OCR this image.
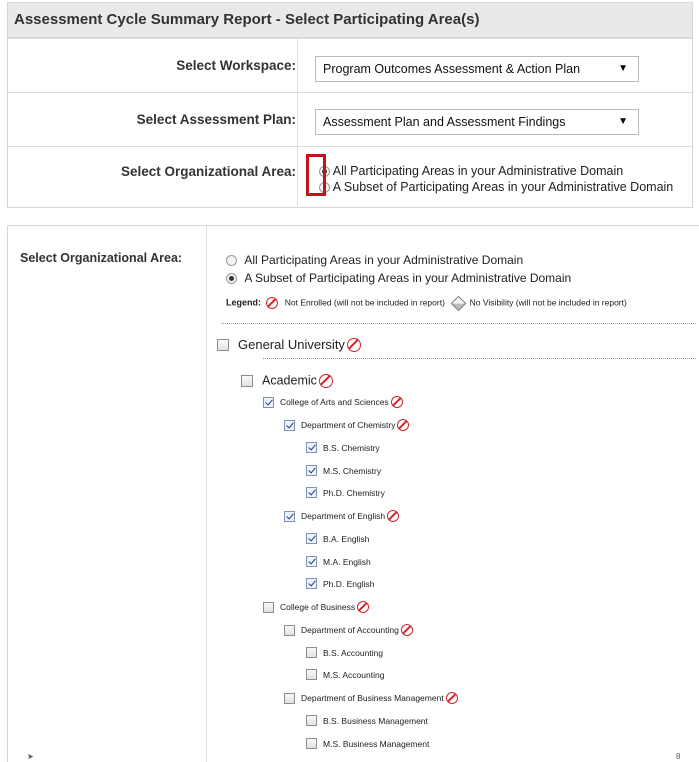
Assessment Cycle Summary Report - Select Participating Area(s)
Select Workspace:	Program Outcomes Assessment & Action Plan	▼
Select Assessment Plan:	Assessment Plan and Assessment Findings	▼
Select Organizational Area:	All Participating Areas in your Administrative Domain
A Subset of Participating Areas in your Administrative Domain
Select Organizational Area:	All Participating Areas in your Administrative Domain
A Subset of Participating Areas in your Administrative Domain
Legend:	Not Enrolled (will not be included in report)	No Visibility (will not be included in report)
General University
Academic
College of Arts and Sciences
Department of Chemistry
B.S. Chemistry
M.S. Chemistry
Ph.D. Chemistry
Department of English
B.A. English
M.A. English
Ph.D. English
College of Business
Department of Accounting
B.S. Accounting
M.S. Accounting
Department of Business Management
B.S. Business Management
M.S. Business Management
➤	8
